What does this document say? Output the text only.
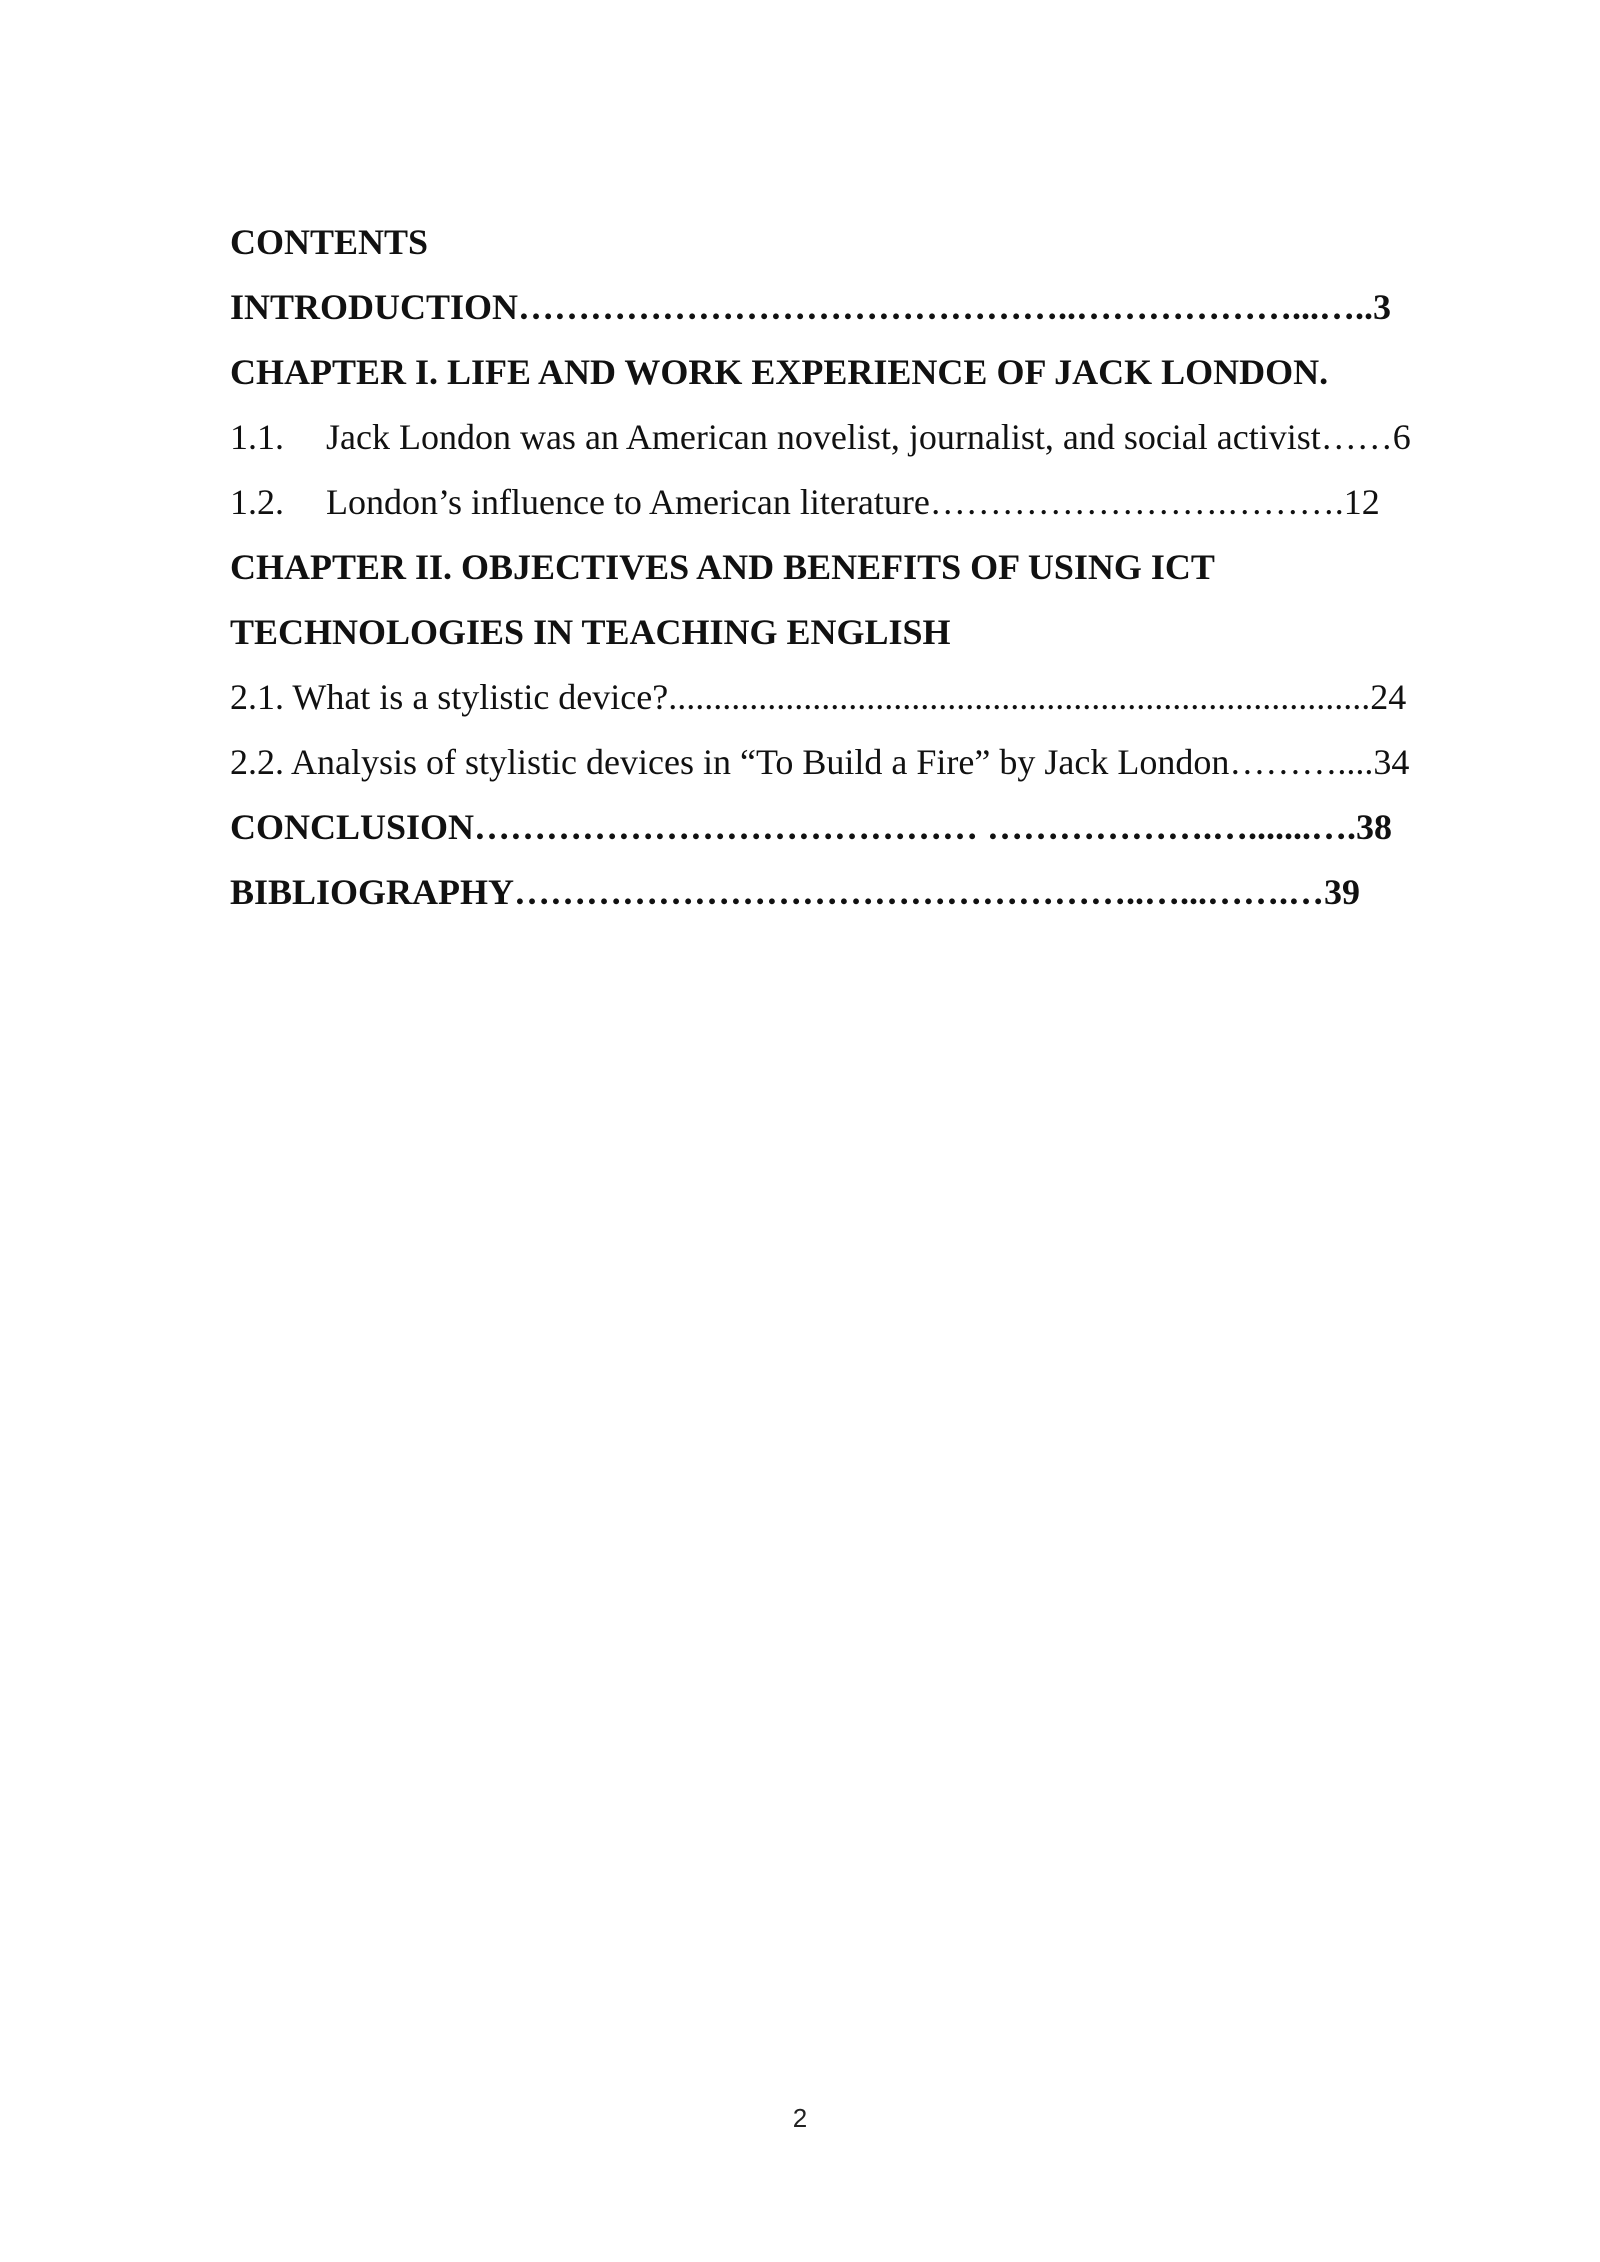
CONTENTS
INTRODUCTION………………………………………..………………...…..3
CHAPTER I. LIFE AND WORK EXPERIENCE OF JACK LONDON.
1.1. Jack London was an American novelist, journalist, and social activist……6
1.2. London’s influence to American literature…………………….……….12
CHAPTER II. OBJECTIVES AND BENEFITS OF USING ICT
TECHNOLOGIES IN TEACHING ENGLISH
2.1. What is a stylistic device?..............................................................................24
2.2. Analysis of stylistic devices in “To Build a Fire” by Jack London………....34
CONCLUSION…………………………………… ……………….….......….38
BIBLIOGRAPHY……………………………………………..…...…….…39
2
